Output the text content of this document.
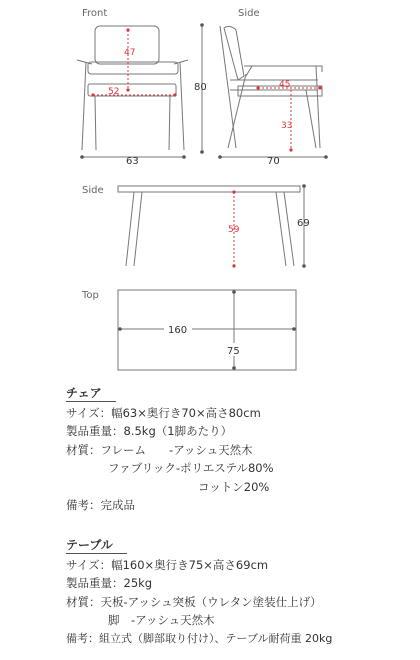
Front
47
52
63
80
Side
45
33
70
Side
59
69
Top
160
75
チェア
サイズ：幅63×奥行き70×高さ80cm
製品重量：8.5kg（1脚あたり）
材質：フレーム　　-アッシュ天然木
ファブリック-ポリエステル80%
コットン20%
備考：完成品
テーブル
サイズ：幅160×奥行き75×高さ69cm
製品重量：25kg
材質：天板-アッシュ突板（ウレタン塗装仕上げ）
脚　-アッシュ天然木
備考：組立式（脚部取り付け）、テーブル耐荷重 20kg
